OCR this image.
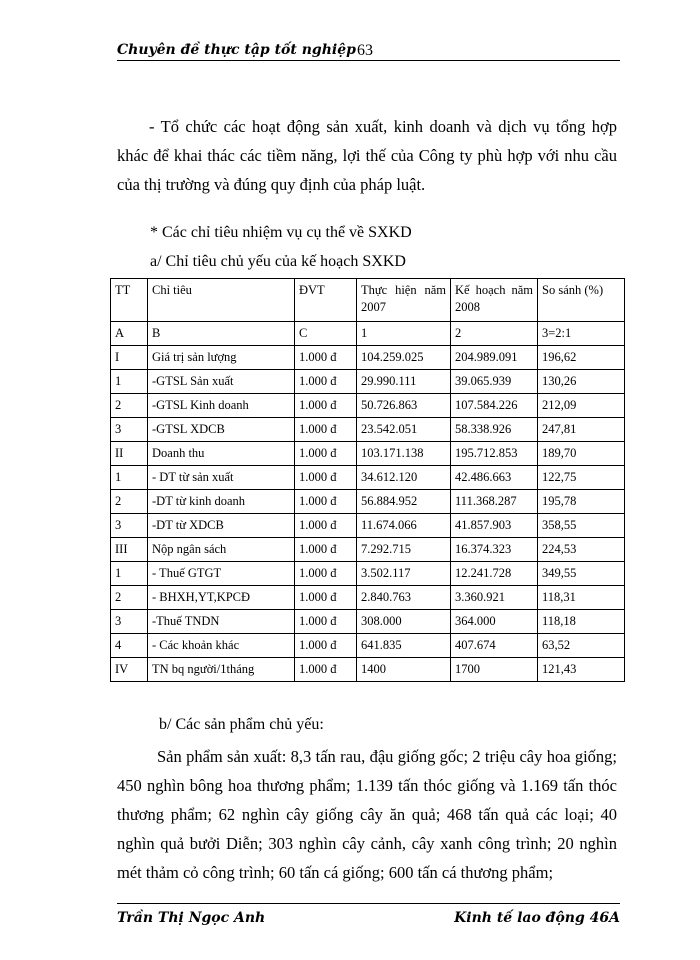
Chuyên đề thực tập tốt nghiệp 63

- Tổ chức các hoạt động sản xuất, kinh doanh và dịch vụ tổng hợp khác để khai thác các tiềm năng, lợi thế của Công ty phù hợp với nhu cầu của thị trường và đúng quy định của pháp luật.

* Các chỉ tiêu nhiệm vụ cụ thể về SXKD
a/ Chỉ tiêu chủ yếu của kế hoạch SXKD
TT	Chỉ tiêu	ĐVT	Thực hiện năm 2007	Kế hoạch năm 2008	So sánh (%)
A	B	C	1	2	3=2:1
I	Giá trị sản lượng	1.000 đ	104.259.025	204.989.091	196,62
1	-GTSL Sản xuất	1.000 đ	29.990.111	39.065.939	130,26
2	-GTSL Kinh doanh	1.000 đ	50.726.863	107.584.226	212,09
3	-GTSL XDCB	1.000 đ	23.542.051	58.338.926	247,81
II	Doanh thu	1.000 đ	103.171.138	195.712.853	189,70
1	- DT từ sản xuất	1.000 đ	34.612.120	42.486.663	122,75
2	-DT từ kinh doanh	1.000 đ	56.884.952	111.368.287	195,78
3	-DT từ XDCB	1.000 đ	11.674.066	41.857.903	358,55
III	Nộp ngân sách	1.000 đ	7.292.715	16.374.323	224,53
1	- Thuế GTGT	1.000 đ	3.502.117	12.241.728	349,55
2	- BHXH,YT,KPCĐ	1.000 đ	2.840.763	3.360.921	118,31
3	-Thuế TNDN	1.000 đ	308.000	364.000	118,18
4	- Các khoản khác	1.000 đ	641.835	407.674	63,52
IV	TN bq người/1tháng	1.000 đ	1400	1700	121,43
b/ Các sản phẩm chủ yếu:

Sản phẩm sản xuất: 8,3 tấn rau, đậu giống gốc; 2 triệu cây hoa giống; 450 nghìn bông hoa thương phẩm; 1.139 tấn thóc giống và 1.169 tấn thóc thương phẩm; 62 nghìn cây giống cây ăn quả; 468 tấn quả các loại; 40 nghìn quả bưởi Diễn; 303 nghìn cây cảnh, cây xanh công trình; 20 nghìn mét thảm cỏ công trình; 60 tấn cá giống; 600 tấn cá thương phẩm;

Trần Thị Ngọc Anh	Kinh tế lao động 46A
